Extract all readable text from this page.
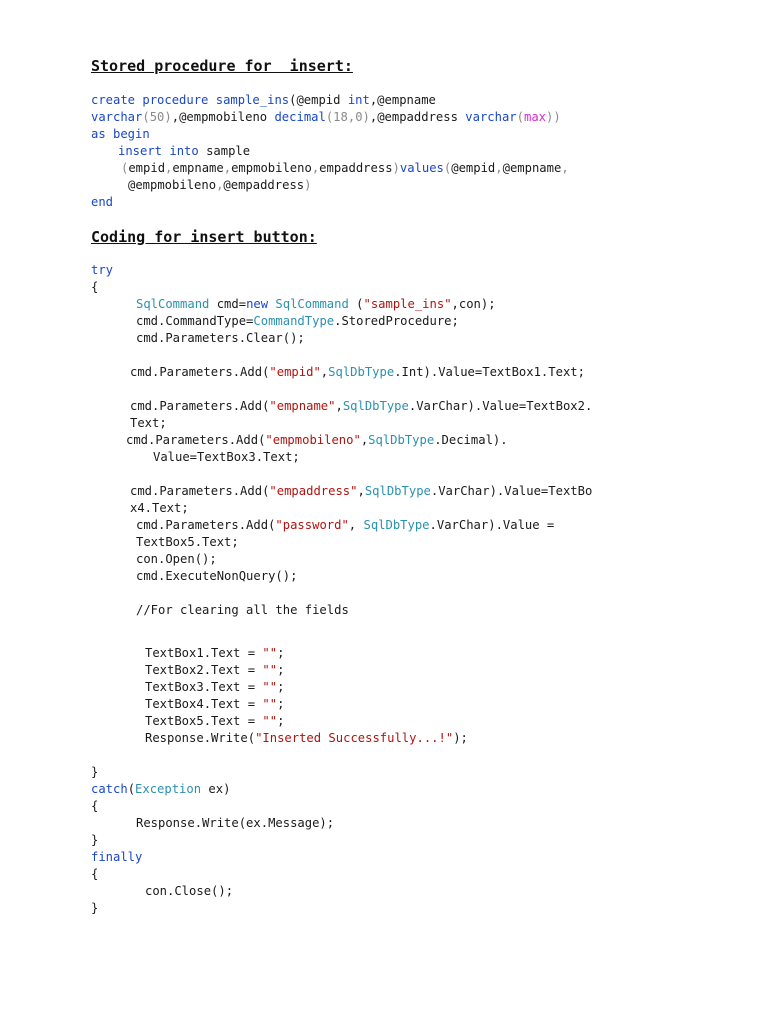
Stored procedure for  insert:
create procedure sample_ins(@empid int,@empname
varchar(50),@empmobileno decimal(18,0),@empaddress varchar(max))
as begin
insert into sample
(empid,empname,empmobileno,empaddress)values(@empid,@empname,
@empmobileno,@empaddress)
end
Coding for insert button:
try
{
SqlCommand cmd=new SqlCommand ("sample_ins",con);
cmd.CommandType=CommandType.StoredProcedure;
cmd.Parameters.Clear();
cmd.Parameters.Add("empid",SqlDbType.Int).Value=TextBox1.Text;
cmd.Parameters.Add("empname",SqlDbType.VarChar).Value=TextBox2.
Text;
cmd.Parameters.Add("empmobileno",SqlDbType.Decimal).
Value=TextBox3.Text;
cmd.Parameters.Add("empaddress",SqlDbType.VarChar).Value=TextBo
x4.Text;
cmd.Parameters.Add("password", SqlDbType.VarChar).Value =
TextBox5.Text;
con.Open();
cmd.ExecuteNonQuery();
//For clearing all the fields
TextBox1.Text = "";
TextBox2.Text = "";
TextBox3.Text = "";
TextBox4.Text = "";
TextBox5.Text = "";
Response.Write("Inserted Successfully...!");
}
catch(Exception ex)
{
Response.Write(ex.Message);
}
finally
{
con.Close();
}
